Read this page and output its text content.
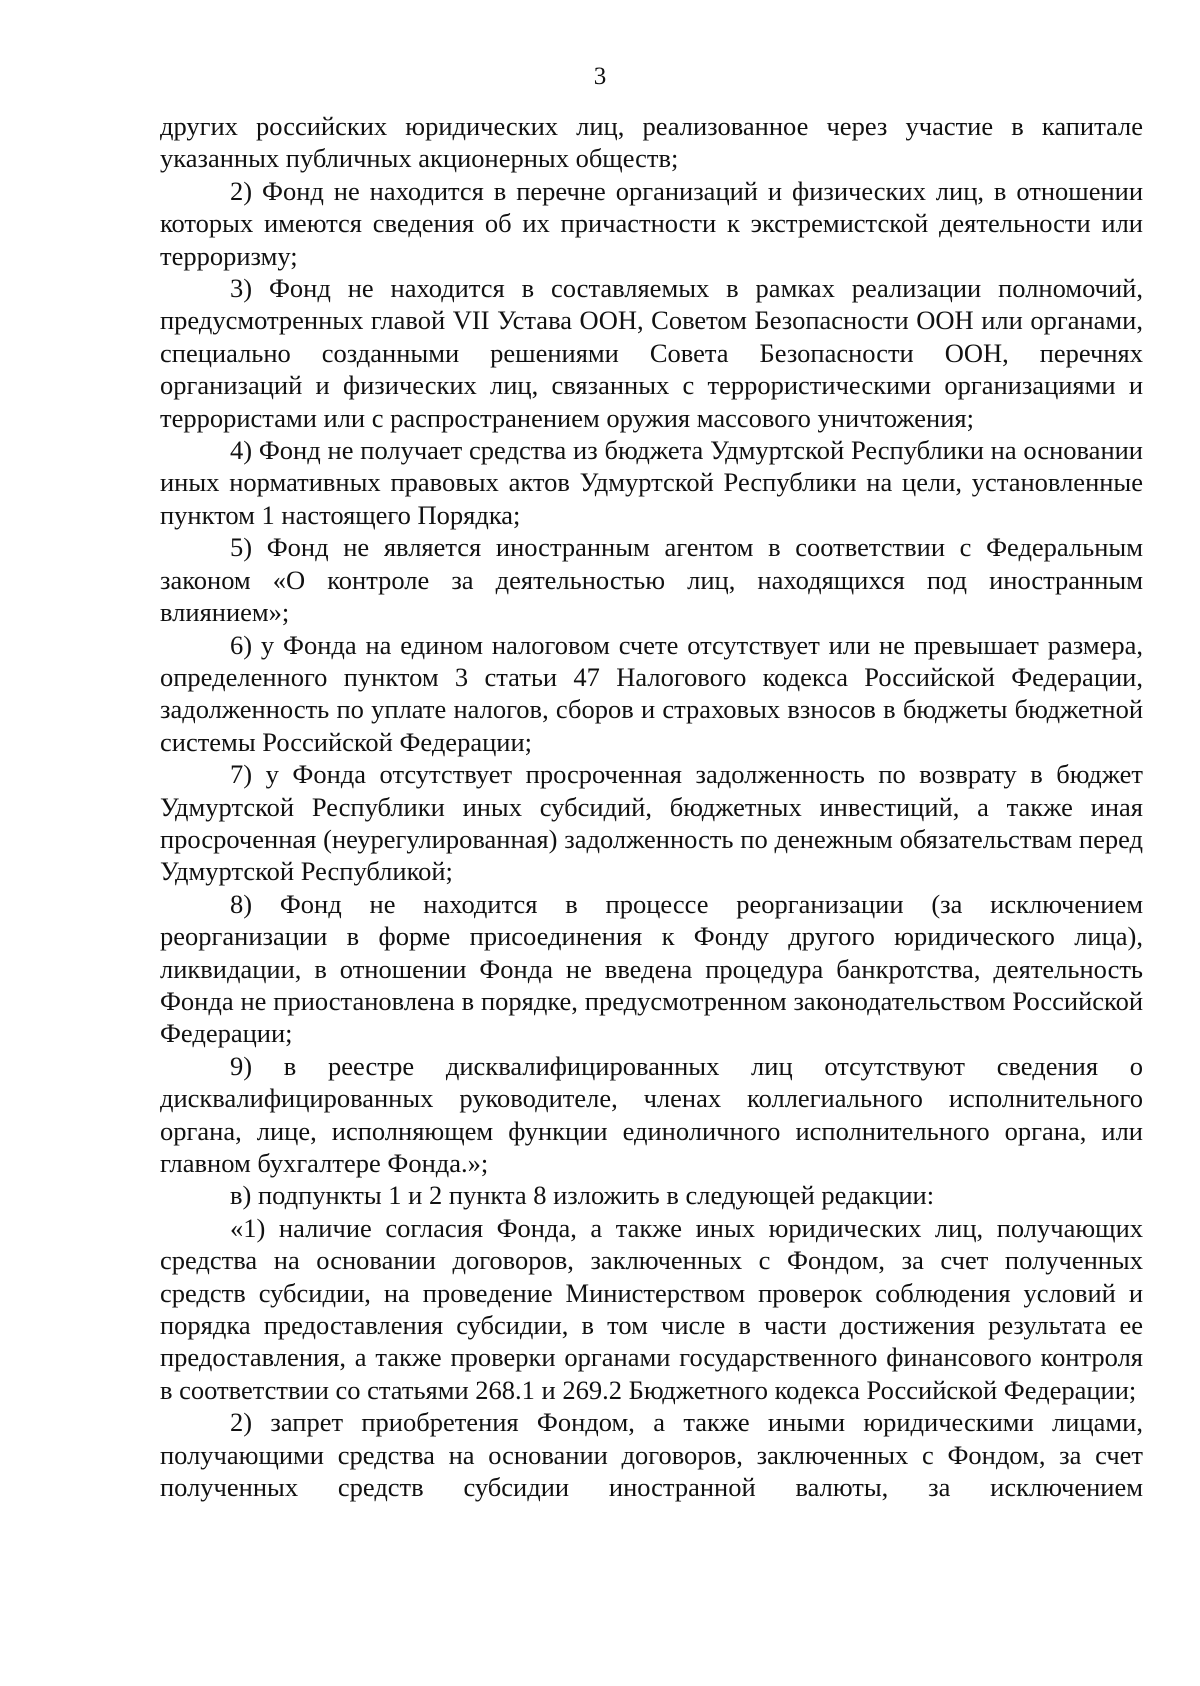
3

других российских юридических лиц, реализованное через участие в капитале указанных публичных акционерных обществ;

2) Фонд не находится в перечне организаций и физических лиц, в отношении которых имеются сведения об их причастности к экстремистской деятельности или терроризму;

3) Фонд не находится в составляемых в рамках реализации полномочий, предусмотренных главой VII Устава ООН, Советом Безопасности ООН или органами, специально созданными решениями Совета Безопасности ООН, перечнях организаций и физических лиц, связанных с террористическими организациями и террористами или с распространением оружия массового уничтожения;

4) Фонд не получает средства из бюджета Удмуртской Республики на основании иных нормативных правовых актов Удмуртской Республики на цели, установленные пунктом 1 настоящего Порядка;

5) Фонд не является иностранным агентом в соответствии с Федеральным законом «О контроле за деятельностью лиц, находящихся под иностранным влиянием»;

6) у Фонда на едином налоговом счете отсутствует или не превышает размера, определенного пунктом 3 статьи 47 Налогового кодекса Российской Федерации, задолженность по уплате налогов, сборов и страховых взносов в бюджеты бюджетной системы Российской Федерации;

7) у Фонда отсутствует просроченная задолженность по возврату в бюджет Удмуртской Республики иных субсидий, бюджетных инвестиций, а также иная просроченная (неурегулированная) задолженность по денежным обязательствам перед Удмуртской Республикой;

8) Фонд не находится в процессе реорганизации (за исключением реорганизации в форме присоединения к Фонду другого юридического лица), ликвидации, в отношении Фонда не введена процедура банкротства, деятельность Фонда не приостановлена в порядке, предусмотренном законодательством Российской Федерации;

9) в реестре дисквалифицированных лиц отсутствуют сведения о дисквалифицированных руководителе, членах коллегиального исполнительного органа, лице, исполняющем функции единоличного исполнительного органа, или главном бухгалтере Фонда.»;

в) подпункты 1 и 2 пункта 8 изложить в следующей редакции:

«1) наличие согласия Фонда, а также иных юридических лиц, получающих средства на основании договоров, заключенных с Фондом, за счет полученных средств субсидии, на проведение Министерством проверок соблюдения условий и порядка предоставления субсидии, в том числе в части достижения результата ее предоставления, а также проверки органами государственного финансового контроля в соответствии со статьями 268.1 и 269.2 Бюджетного кодекса Российской Федерации;

2) запрет приобретения Фондом, а также иными юридическими лицами, получающими средства на основании договоров, заключенных с Фондом, за счет полученных средств субсидии иностранной валюты, за исключением
